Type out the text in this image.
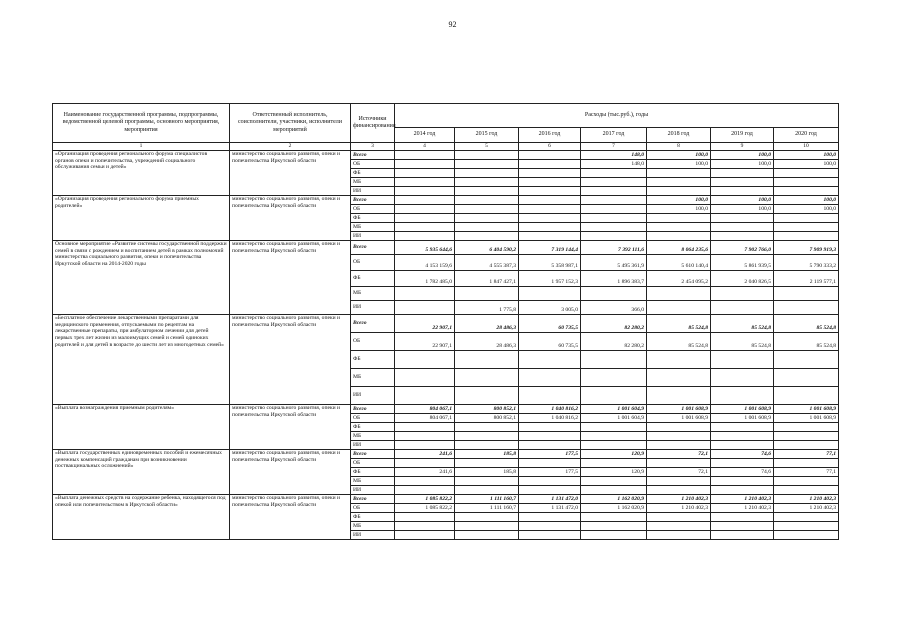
92
Наименование государственной программы, подпрограммы, ведомственной целевой программы, основного мероприятия, мероприятия	Ответственный исполнитель, соисполнители, участники, исполнители мероприятий	Источники финансирования	Расходы (тыс.руб.), годы						
			2014 год	2015 год	2016 год	2017 год	2018 год	2019 год	2020 год
1	2	3	4	5	6	7	8	9	10
«Организация проведения регионального форума специалистов органов опеки и попечительства, учреждений социального обслуживания семьи и детей»	министерство социального развития, опеки и попечительства Иркутской области	Всего				148,0	100,0	100,0	100,0
		ОБ				148,0	100,0	100,0	100,0
		ФБ							
		МБ							
		ИИ							
«Организация проведения регионального форума приемных родителей»	министерство социального развития, опеки и попечительства Иркутской области	Всего					100,0	100,0	100,0
		ОБ					100,0	100,0	100,0
		ФБ							
		МБ							
		ИИ							
Основное мероприятие «Развитие системы государственной поддержки семей в связи с рождением и воспитанием детей в рамках полномочий министерства социального развития, опеки и попечительства Иркутской области на 2014-2020 годы	министерство социального развития, опеки и попечительства Иркутской области	Всего	5 935 644,6	6 404 590,2	7 319 144,4	7 392 111,6	8 064 235,6	7 902 766,0	7 909 919,3
		ОБ	4 153 159,6	4 555 387,3	5 358 987,1	5 495 361,9	5 610 140,4	5 861 939,5	5 790 333,2
		ФБ	1 782 485,0	1 847 427,1	1 957 152,3	1 896 383,7	2 454 095,2	2 040 826,5	2 119 577,1
		МБ							
		ИИ		1 775,8	3 005,0	366,0			
«Бесплатное обеспечение лекарственными препаратами для медицинского применения, отпускаемыми по рецептам на лекарственные препараты, при амбулаторном лечении для детей первых трех лет жизни из малоимущих семей и семей одиноких родителей и для детей в возрасте до шести лет из многодетных семей»	министерство социального развития, опеки и попечительства Иркутской области	Всего	22 907,1	28 486,3	60 735,5	82 280,2	85 524,8	85 524,8	85 524,8
		ОБ	22 907,1	28 486,3	60 735,5	82 280,2	85 524,8	85 524,8	85 524,8
		ФБ							
		МБ							
		ИИ							
«Выплата вознаграждения приемным родителям»	министерство социального развития, опеки и попечительства Иркутской области	Всего	804 067,1	800 852,1	1 040 816,2	1 001 604,9	1 001 608,9	1 001 608,9	1 001 608,9
		ОБ	804 067,1	800 852,1	1 040 816,2	1 001 604,9	1 001 608,9	1 001 608,9	1 001 608,9
		ФБ							
		МБ							
		ИИ							
«Выплата государственных единовременных пособий и ежемесячных денежных компенсаций гражданам при возникновении поствакцинальных осложнений»	министерство социального развития, опеки и попечительства Иркутской области	Всего	241,6	185,8	177,5	120,9	72,1	74,6	77,1
		ОБ							
		ФБ	241,6	185,8	177,5	120,9	72,1	74,6	77,1
		МБ							
		ИИ							
«Выплата денежных средств на содержание ребенка, находящегося под опекой или попечительством в Иркутской области»	министерство социального развития, опеки и попечительства Иркутской области	Всего	1 085 822,2	1 111 160,7	1 131 472,0	1 162 020,9	1 210 402,3	1 210 402,3	1 210 402,3
		ОБ	1 085 822,2	1 111 160,7	1 131 472,0	1 162 020,9	1 210 402,3	1 210 402,3	1 210 402,3
		ФБ							
		МБ							
		ИИ							
